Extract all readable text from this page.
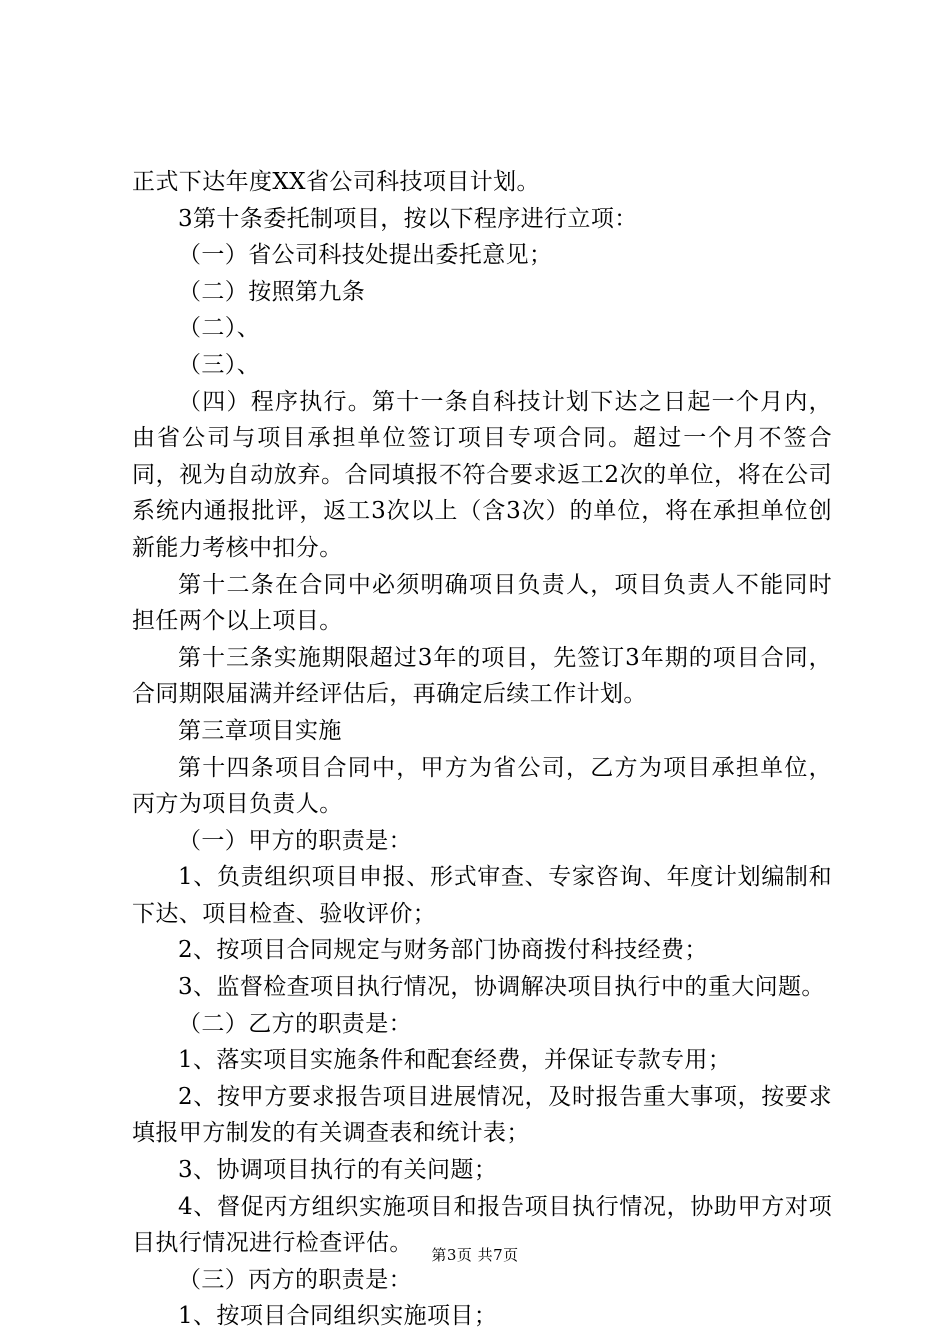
正式下达年度XX省公司科技项目计划。

3第十条委托制项目，按以下程序进行立项：

（一）省公司科技处提出委托意见；

（二）按照第九条

（二）、

（三）、

（四）程序执行。第十一条自科技计划下达之日起一个月内，由省公司与项目承担单位签订项目专项合同。超过一个月不签合同，视为自动放弃。合同填报不符合要求返工2次的单位，将在公司系统内通报批评，返工3次以上（含3次）的单位，将在承担单位创新能力考核中扣分。

第十二条在合同中必须明确项目负责人，项目负责人不能同时担任两个以上项目。

第十三条实施期限超过3年的项目，先签订3年期的项目合同，合同期限届满并经评估后，再确定后续工作计划。

第三章项目实施

第十四条项目合同中，甲方为省公司，乙方为项目承担单位，丙方为项目负责人。

（一）甲方的职责是：

1、负责组织项目申报、形式审查、专家咨询、年度计划编制和下达、项目检查、验收评价；

2、按项目合同规定与财务部门协商拨付科技经费；

3、监督检查项目执行情况，协调解决项目执行中的重大问题。

（二）乙方的职责是：

1、落实项目实施条件和配套经费，并保证专款专用；

2、按甲方要求报告项目进展情况，及时报告重大事项，按要求填报甲方制发的有关调查表和统计表；

3、协调项目执行的有关问题；

4、督促丙方组织实施项目和报告项目执行情况，协助甲方对项目执行情况进行检查评估。

（三）丙方的职责是：

1、按项目合同组织实施项目；

第3页 共7页
